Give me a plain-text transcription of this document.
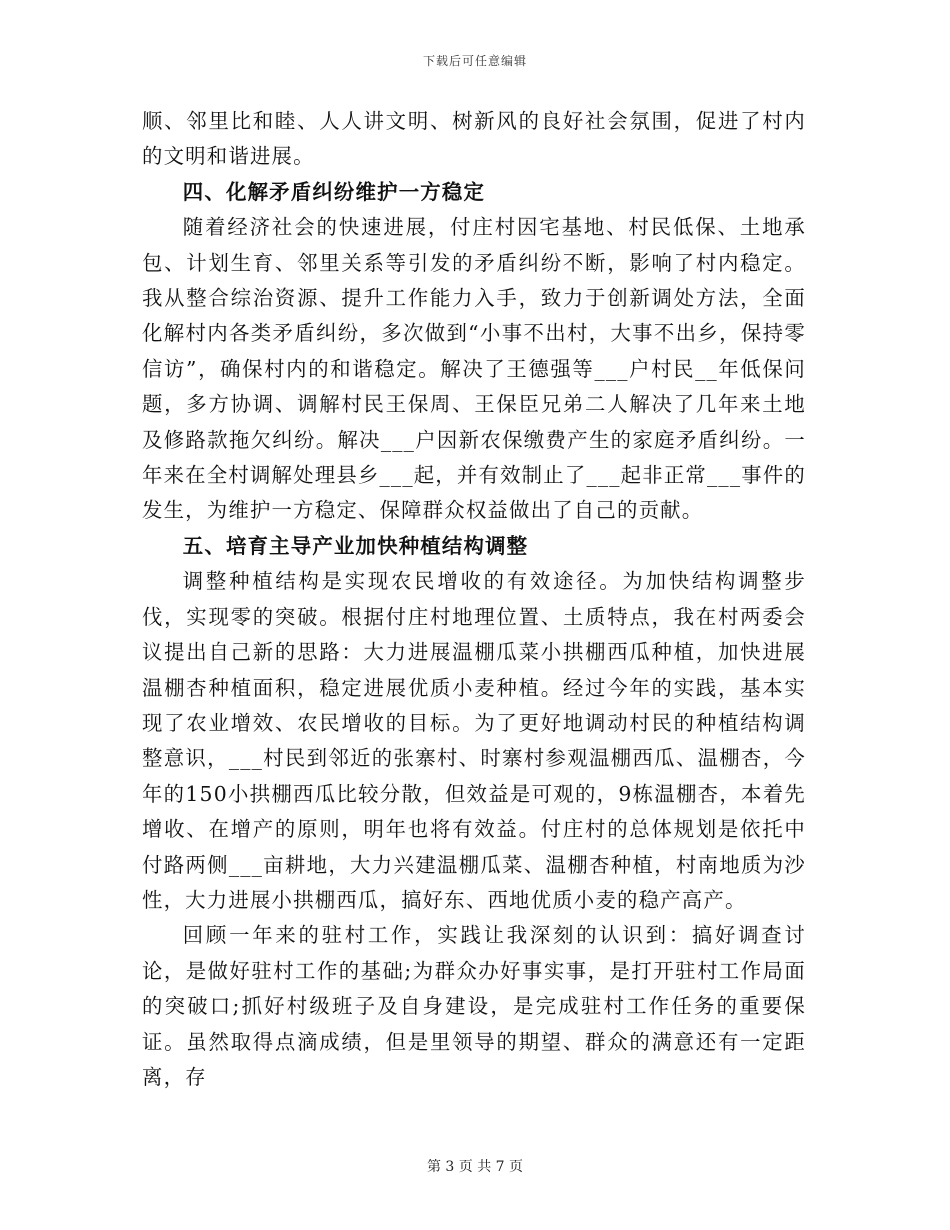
下载后可任意编辑

顺、邻里比和睦、人人讲文明、树新风的良好社会氛围，促进了村内的文明和谐进展。

四、化解矛盾纠纷维护一方稳定

随着经济社会的快速进展，付庄村因宅基地、村民低保、土地承包、计划生育、邻里关系等引发的矛盾纠纷不断，影响了村内稳定。我从整合综治资源、提升工作能力入手，致力于创新调处方法，全面化解村内各类矛盾纠纷，多次做到“小事不出村，大事不出乡，保持零信访”，确保村内的和谐稳定。解决了王德强等___户村民__年低保问题，多方协调、调解村民王保周、王保臣兄弟二人解决了几年来土地及修路款拖欠纠纷。解决___户因新农保缴费产生的家庭矛盾纠纷。一年来在全村调解处理县乡___起，并有效制止了___起非正常___事件的发生，为维护一方稳定、保障群众权益做出了自己的贡献。

五、培育主导产业加快种植结构调整

调整种植结构是实现农民增收的有效途径。为加快结构调整步伐，实现零的突破。根据付庄村地理位置、土质特点，我在村两委会议提出自己新的思路：大力进展温棚瓜菜小拱棚西瓜种植，加快进展温棚杏种植面积，稳定进展优质小麦种植。经过今年的实践，基本实现了农业增效、农民增收的目标。为了更好地调动村民的种植结构调整意识，___村民到邻近的张寨村、时寨村参观温棚西瓜、温棚杏，今年的150小拱棚西瓜比较分散，但效益是可观的，9栋温棚杏，本着先增收、在增产的原则，明年也将有效益。付庄村的总体规划是依托中付路两侧___亩耕地，大力兴建温棚瓜菜、温棚杏种植，村南地质为沙性，大力进展小拱棚西瓜，搞好东、西地优质小麦的稳产高产。

回顾一年来的驻村工作，实践让我深刻的认识到：搞好调查讨论，是做好驻村工作的基础;为群众办好事实事，是打开驻村工作局面的突破口;抓好村级班子及自身建设，是完成驻村工作任务的重要保证。虽然取得点滴成绩，但是里领导的期望、群众的满意还有一定距离，存

第 3 页 共 7 页
